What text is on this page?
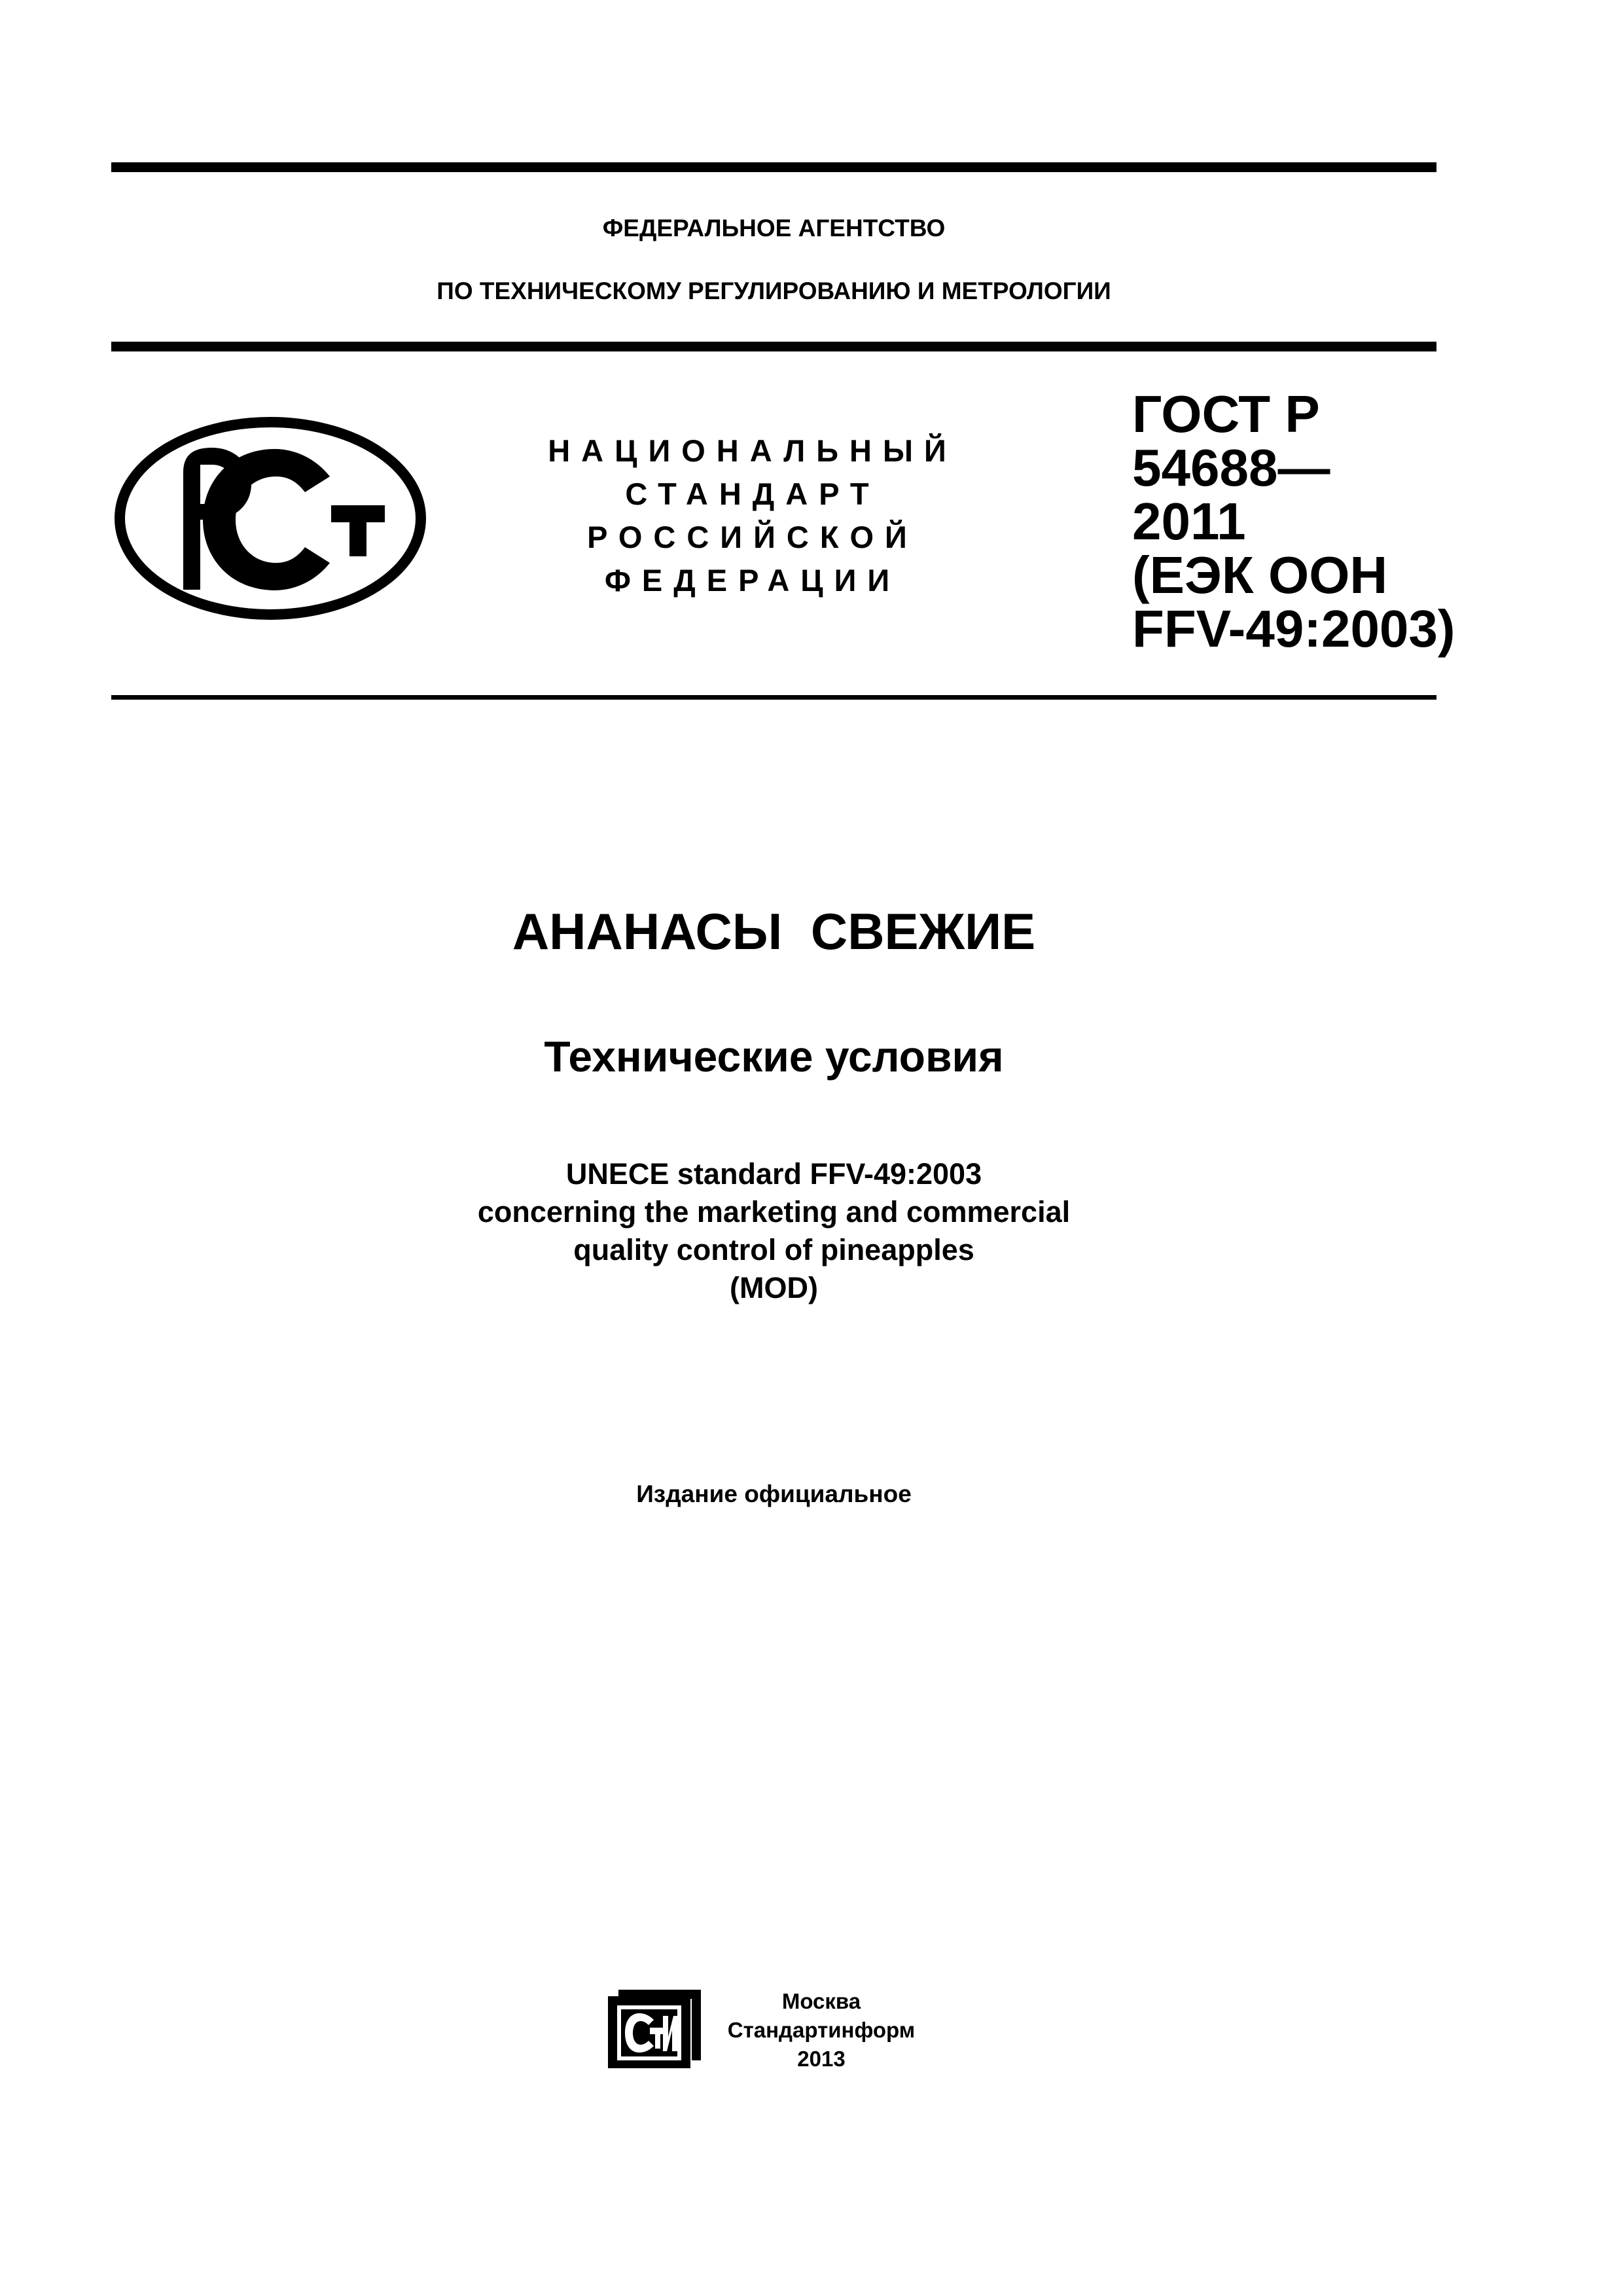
ФЕДЕРАЛЬНОЕ АГЕНТСТВО
ПО ТЕХНИЧЕСКОМУ РЕГУЛИРОВАНИЮ И МЕТРОЛОГИИ
НАЦИОНАЛЬНЫЙ
СТАНДАРТ
РОССИЙСКОЙ
ФЕДЕРАЦИИ
ГОСТ Р
54688—
2011
(ЕЭК ООН
FFV-49:2003)
АНАНАСЫ СВЕЖИЕ
Технические условия
UNECE standard FFV-49:2003
concerning the marketing and commercial
quality control of pineapples
(MOD)
Издание официальное
Москва
Стандартинформ
2013
